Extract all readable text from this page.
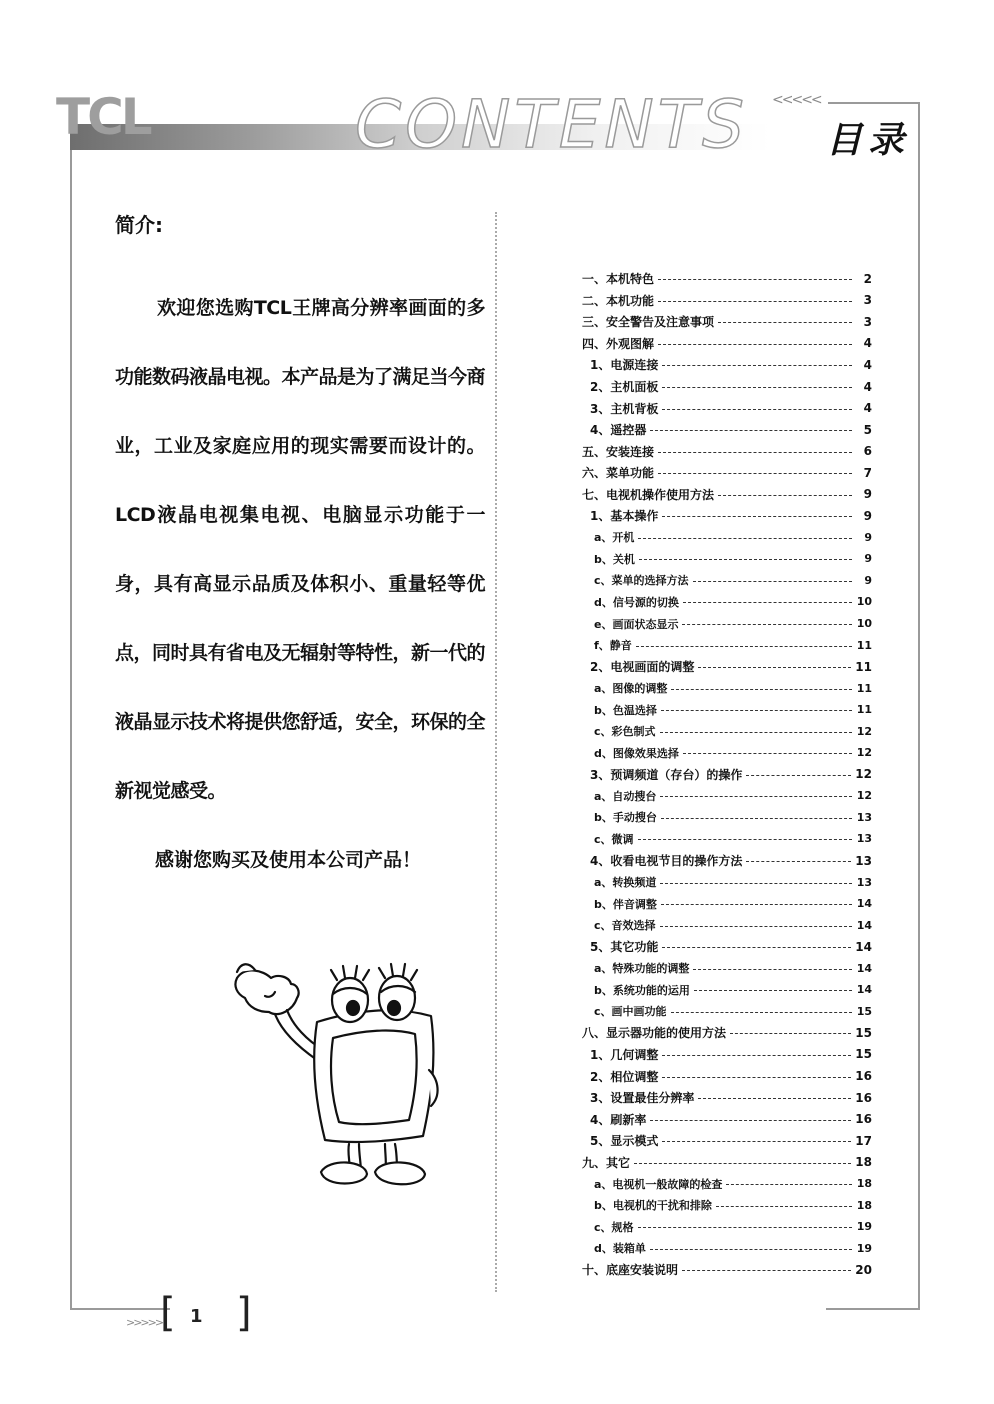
TCL	CONTENTS <<<<<
目录
简介:

欢迎您选购TCL王牌高分辨率画面的多功能数码液晶电视。本产品是为了满足当今商业，工业及家庭应用的现实需要而设计的。LCD液晶电视集电视、电脑显示功能于一身，具有高显示品质及体积小、重量轻等优点，同时具有省电及无辐射等特性，新一代的液晶显示技术将提供您舒适，安全，环保的全新视觉感受。

感谢您购买及使用本公司产品！

一、本机特色	2
二、本机功能	3
三、安全警告及注意事项	3
四、外观图解	4
1、电源连接	4
2、主机面板	4
3、主机背板	4
4、遥控器	5
五、安装连接	6
六、菜单功能	7
七、电视机操作使用方法	9
1、基本操作	9
a、开机	9
b、关机	9
c、菜单的选择方法	9
d、信号源的切换	10
e、画面状态显示	10
f、静音	11
2、电视画面的调整	11
a、图像的调整	11
b、色温选择	11
c、彩色制式	12
d、图像效果选择	12
3、预调频道（存台）的操作	12
a、自动搜台	12
b、手动搜台	13
c、微调	13
4、收看电视节目的操作方法	13
a、转换频道	13
b、伴音调整	14
c、音效选择	14
5、其它功能	14
a、特殊功能的调整	14
b、系统功能的运用	14
c、画中画功能	15
八、显示器功能的使用方法	15
1、几何调整	15
2、相位调整	16
3、设置最佳分辨率	16
4、刷新率	16
5、显示模式	17
九、其它	18
a、电视机一般故障的检查	18
b、电视机的干扰和排除	18
c、规格	19
d、装箱单	19
十、底座安装说明	20
>>>>>
[ 1 ]
